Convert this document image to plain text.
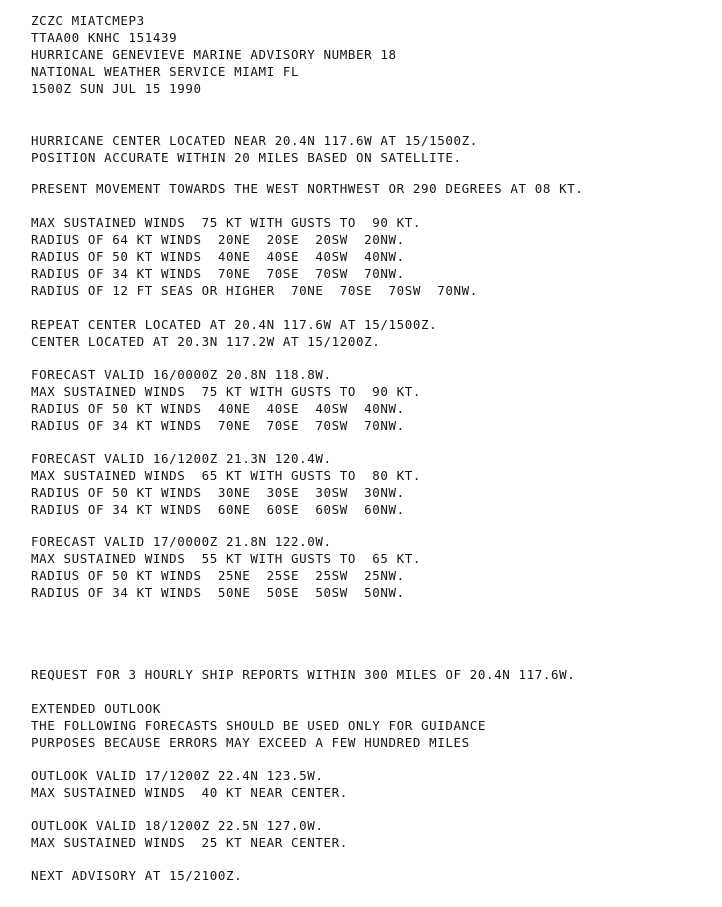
ZCZC MIATCMEP3
TTAA00 KNHC 151439
HURRICANE GENEVIEVE MARINE ADVISORY NUMBER 18
NATIONAL WEATHER SERVICE MIAMI FL
1500Z SUN JUL 15 1990
HURRICANE CENTER LOCATED NEAR 20.4N 117.6W AT 15/1500Z.
POSITION ACCURATE WITHIN 20 MILES BASED ON SATELLITE.
PRESENT MOVEMENT TOWARDS THE WEST NORTHWEST OR 290 DEGREES AT 08 KT.
MAX SUSTAINED WINDS  75 KT WITH GUSTS TO  90 KT.
RADIUS OF 64 KT WINDS  20NE  20SE  20SW  20NW.
RADIUS OF 50 KT WINDS  40NE  40SE  40SW  40NW.
RADIUS OF 34 KT WINDS  70NE  70SE  70SW  70NW.
RADIUS OF 12 FT SEAS OR HIGHER  70NE  70SE  70SW  70NW.
REPEAT CENTER LOCATED AT 20.4N 117.6W AT 15/1500Z.
CENTER LOCATED AT 20.3N 117.2W AT 15/1200Z.
FORECAST VALID 16/0000Z 20.8N 118.8W.
MAX SUSTAINED WINDS  75 KT WITH GUSTS TO  90 KT.
RADIUS OF 50 KT WINDS  40NE  40SE  40SW  40NW.
RADIUS OF 34 KT WINDS  70NE  70SE  70SW  70NW.
FORECAST VALID 16/1200Z 21.3N 120.4W.
MAX SUSTAINED WINDS  65 KT WITH GUSTS TO  80 KT.
RADIUS OF 50 KT WINDS  30NE  30SE  30SW  30NW.
RADIUS OF 34 KT WINDS  60NE  60SE  60SW  60NW.
FORECAST VALID 17/0000Z 21.8N 122.0W.
MAX SUSTAINED WINDS  55 KT WITH GUSTS TO  65 KT.
RADIUS OF 50 KT WINDS  25NE  25SE  25SW  25NW.
RADIUS OF 34 KT WINDS  50NE  50SE  50SW  50NW.
REQUEST FOR 3 HOURLY SHIP REPORTS WITHIN 300 MILES OF 20.4N 117.6W.
EXTENDED OUTLOOK
THE FOLLOWING FORECASTS SHOULD BE USED ONLY FOR GUIDANCE
PURPOSES BECAUSE ERRORS MAY EXCEED A FEW HUNDRED MILES
OUTLOOK VALID 17/1200Z 22.4N 123.5W.
MAX SUSTAINED WINDS  40 KT NEAR CENTER.
OUTLOOK VALID 18/1200Z 22.5N 127.0W.
MAX SUSTAINED WINDS  25 KT NEAR CENTER.
NEXT ADVISORY AT 15/2100Z.
